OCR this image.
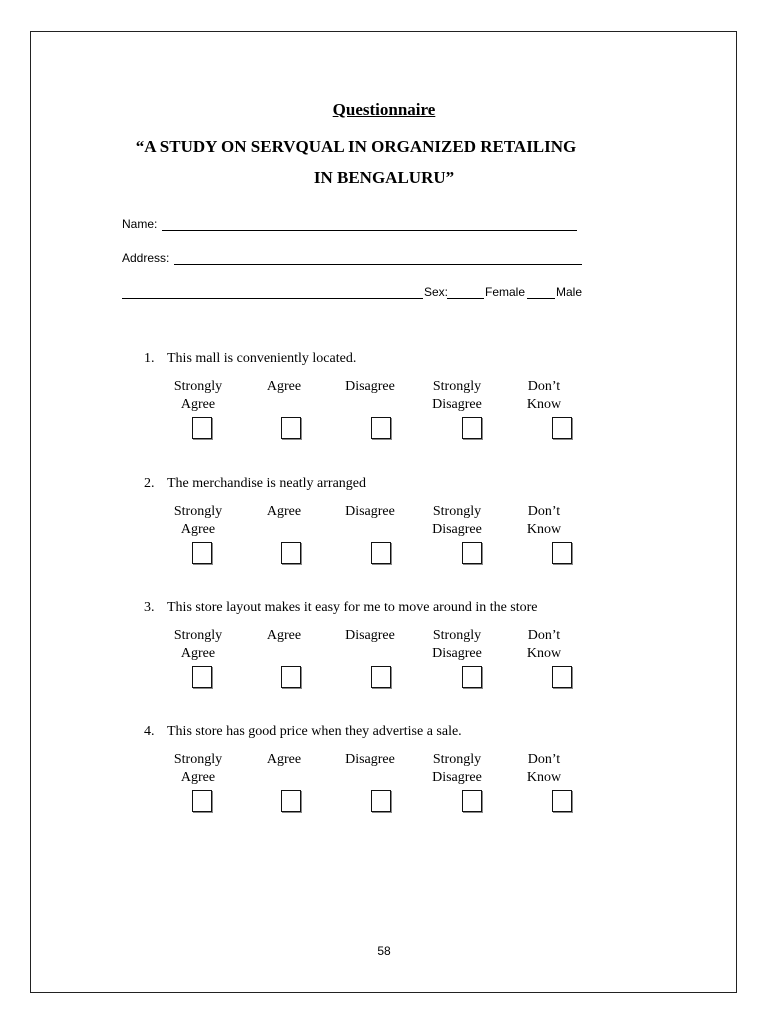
Questionnaire
“A STUDY ON SERVQUAL IN ORGANIZED RETAILING
IN BENGALURU”
Name:
Address:
Sex:	Female	Male
1. This mall is conveniently located.
Strongly
Agree
Agree	Disagree	Strongly
Disagree
Don’t
Know
2. The merchandise is neatly arranged
Strongly
Agree
Agree	Disagree	Strongly
Disagree
Don’t
Know
3. This store layout makes it easy for me to move around in the store
Strongly
Agree
Agree	Disagree	Strongly
Disagree
Don’t
Know
4. This store has good price when they advertise a sale.
Strongly
Agree
Agree	Disagree	Strongly
Disagree
Don’t
Know
58
